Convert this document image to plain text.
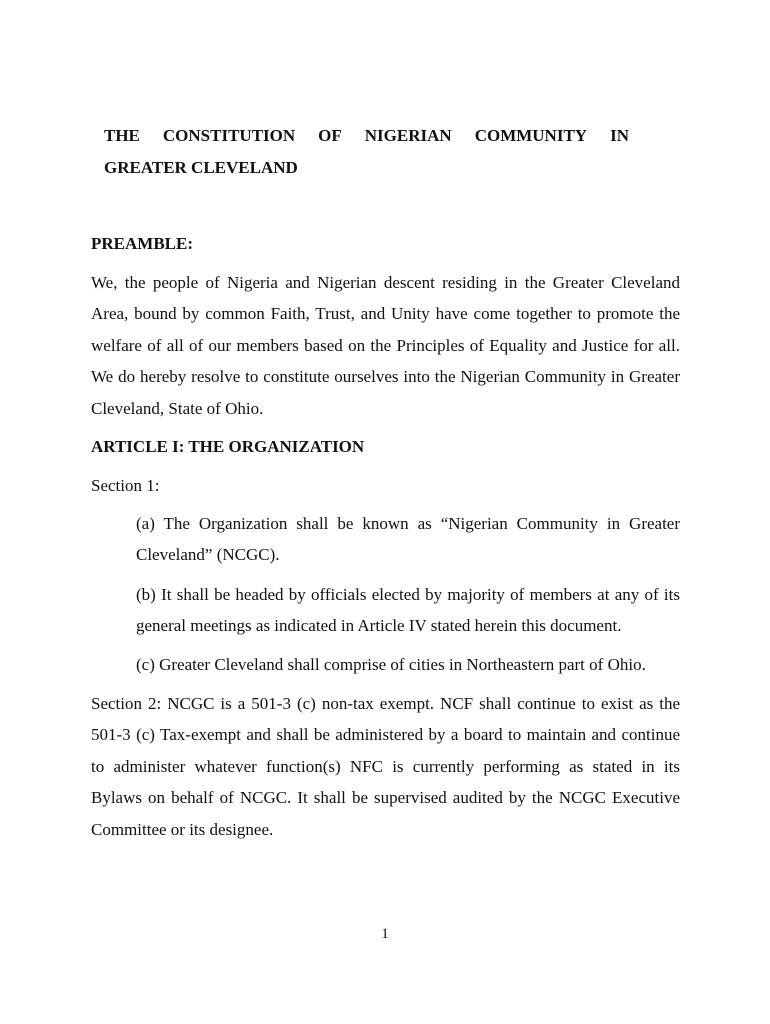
THE CONSTITUTION OF NIGERIAN COMMUNITY IN
GREATER CLEVELAND
PREAMBLE:
We, the people of Nigeria and Nigerian descent residing in the Greater Cleveland Area, bound by common Faith, Trust, and Unity have come together to promote the welfare of all of our members based on the Principles of Equality and Justice for all. We do hereby resolve to constitute ourselves into the Nigerian Community in Greater Cleveland, State of Ohio.
ARTICLE I: THE ORGANIZATION
Section 1:
(a) The Organization shall be known as “Nigerian Community in Greater Cleveland” (NCGC).
(b) It shall be headed by officials elected by majority of members at any of its general meetings as indicated in Article IV stated herein this document.
(c) Greater Cleveland shall comprise of cities in Northeastern part of Ohio.
Section 2: NCGC is a 501-3 (c) non-tax exempt. NCF shall continue to exist as the 501-3 (c) Tax-exempt and shall be administered by a board to maintain and continue to administer whatever function(s) NFC is currently performing as stated in its Bylaws on behalf of NCGC. It shall be supervised audited by the NCGC Executive Committee or its designee.
1
